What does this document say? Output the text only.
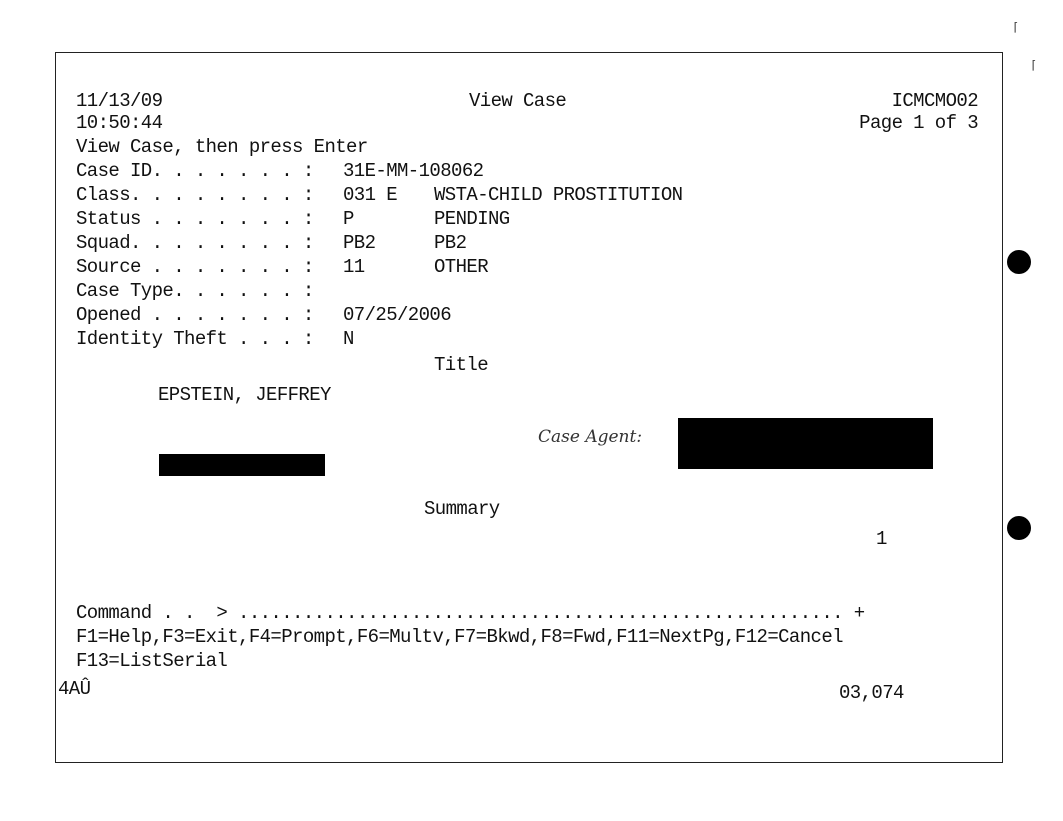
⌈
⌈
11/13/09
10:50:44
View Case	ICMCMO02
Page 1 of 3
View Case, then press Enter
Case ID. . . . . . . : 31E-MM-108062
Class. . . . . . . . : 031 E WSTA-CHILD PROSTITUTION
Status . . . . . . . : P	PENDING
Squad. . . . . . . . : PB2	PB2
Source . . . . . . . : 11	OTHER
Case Type. . . . . . :
Opened . . . . . . . : 07/25/2006
Identity Theft . . . : N
Title
EPSTEIN, JEFFREY
Case Agent:
Summary
1
Command . .  > ........................................................ +
F1=Help,F3=Exit,F4=Prompt,F6=Multv,F7=Bkwd,F8=Fwd,F11=NextPg,F12=Cancel
F13=ListSerial
4AÛ	03,074
